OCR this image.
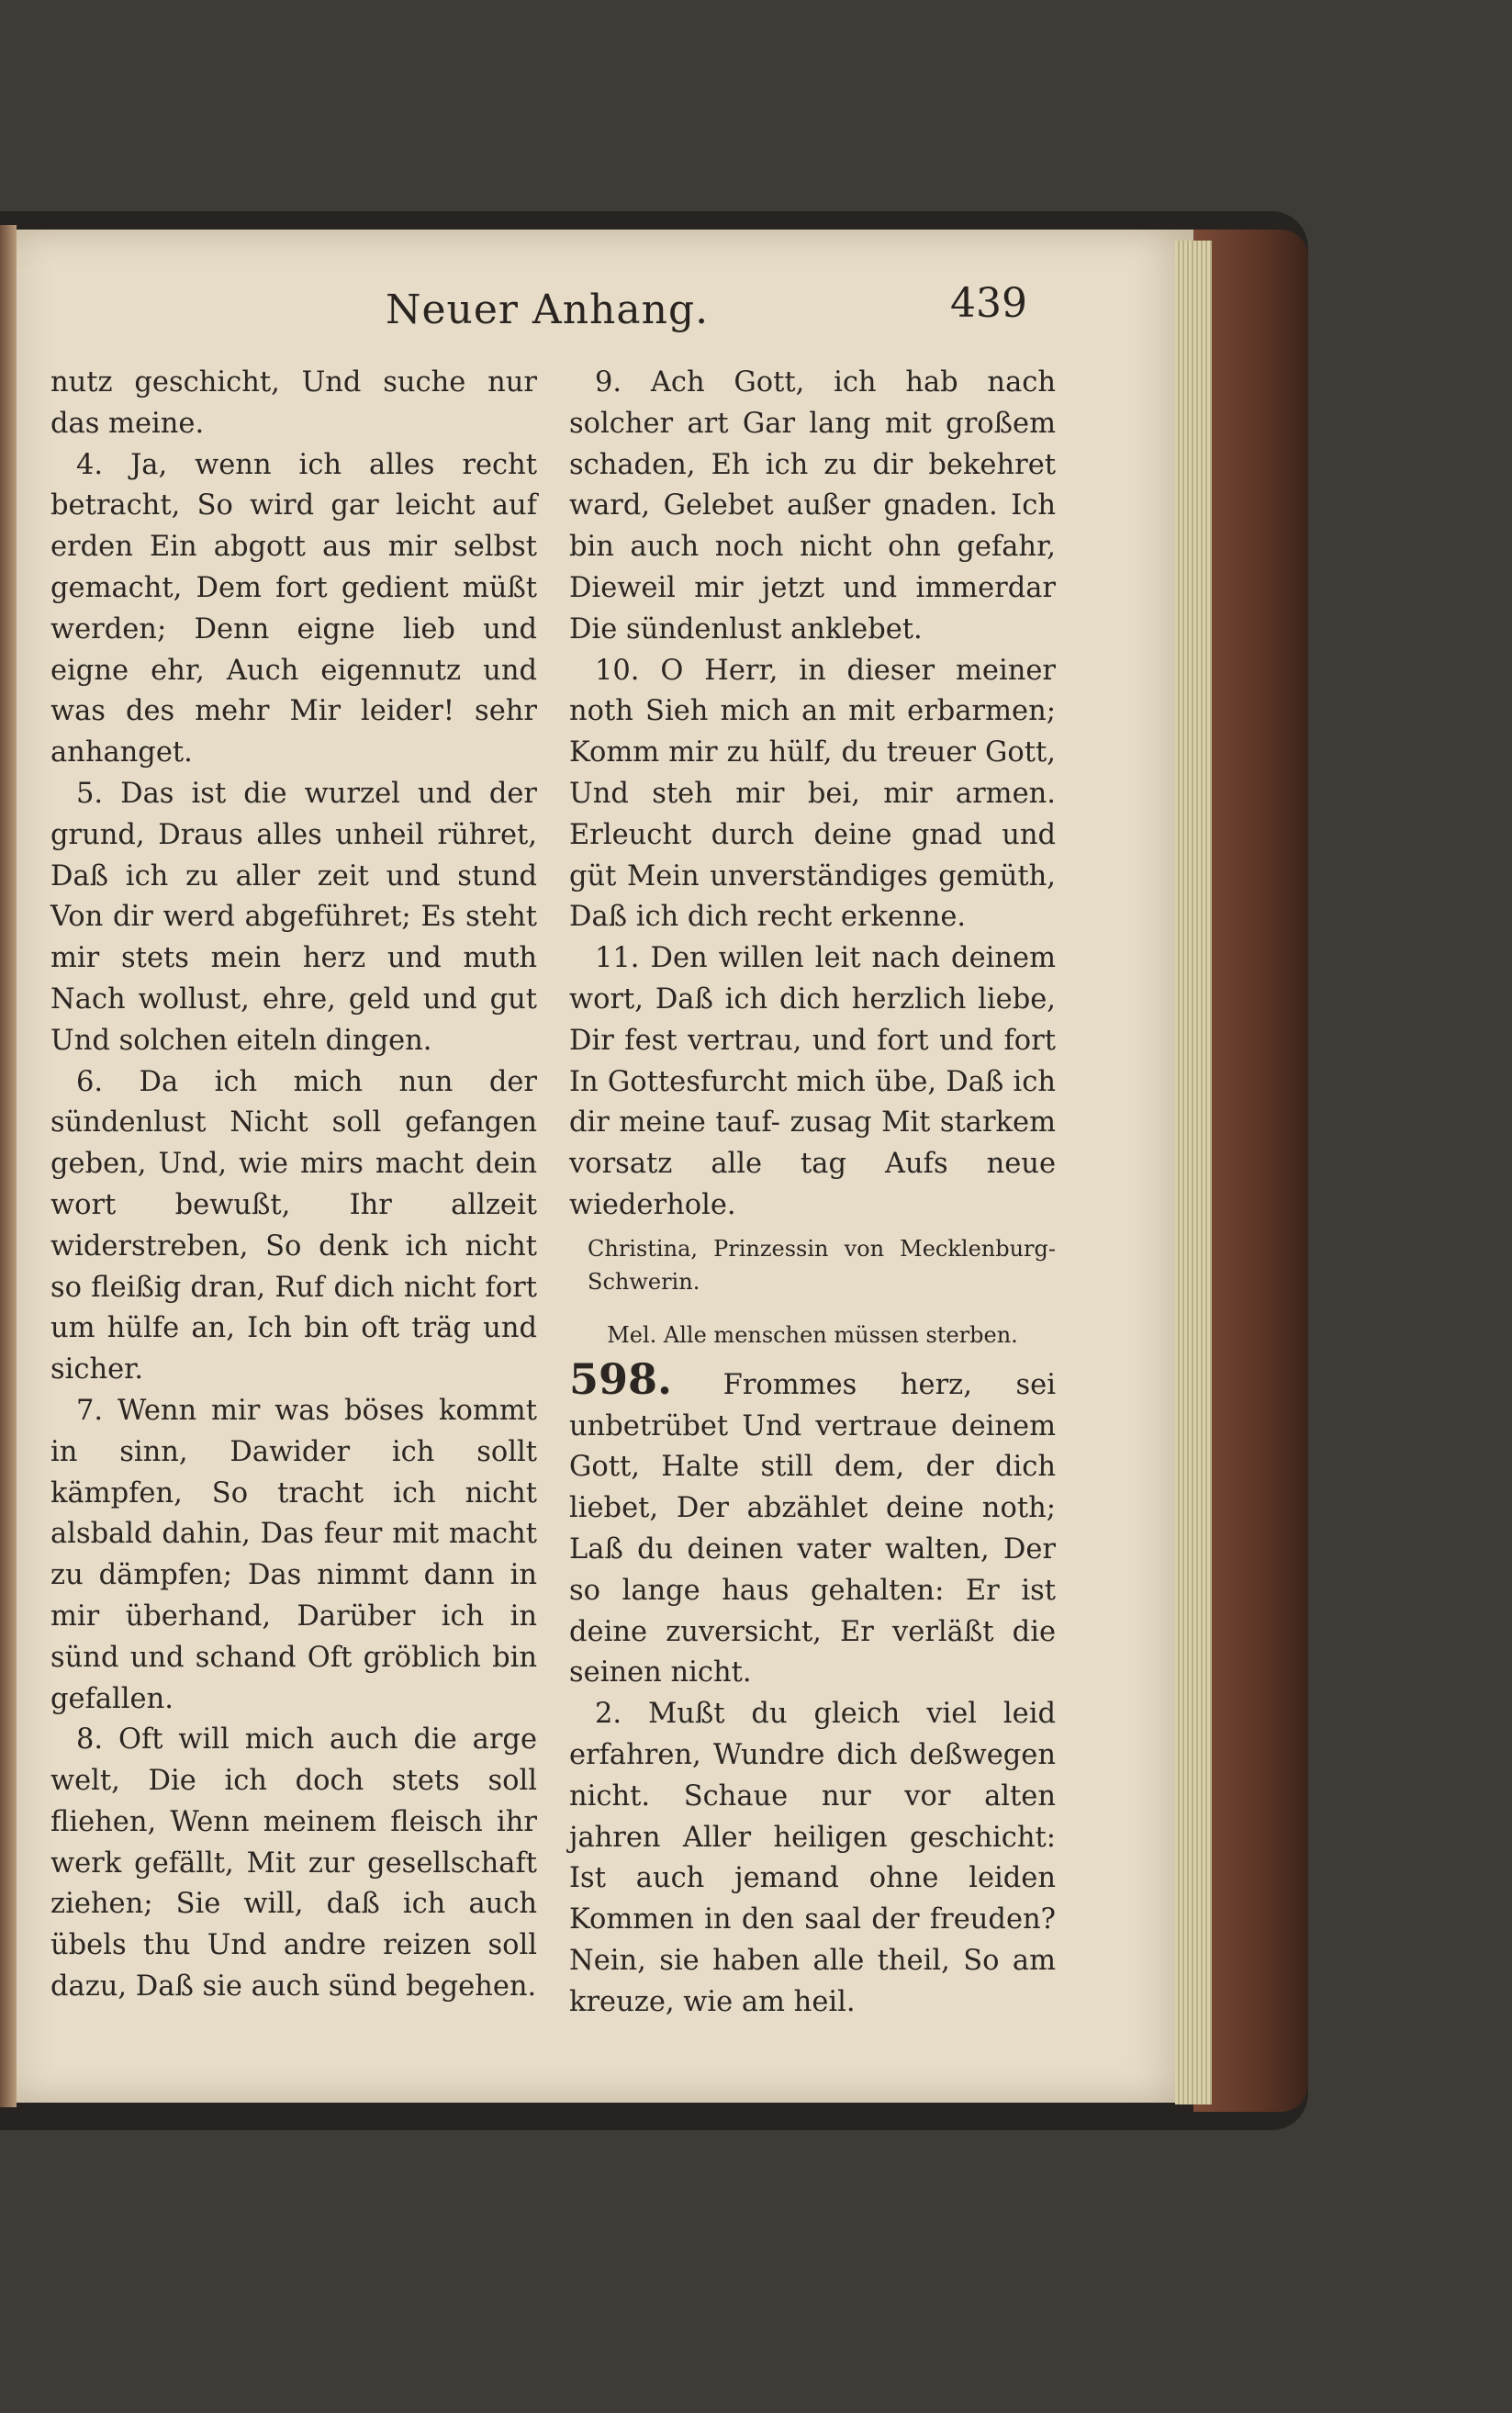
Neuer Anhang.	439

nutz geschicht, Und suche nur das meine.

4. Ja, wenn ich alles recht betracht, So wird gar leicht auf erden Ein abgott aus mir selbst gemacht, Dem fort gedient müßt werden; Denn eigne lieb und eigne ehr, Auch eigennutz und was des mehr Mir leider! sehr anhanget.

5. Das ist die wurzel und der grund, Draus alles unheil rühret, Daß ich zu aller zeit und stund Von dir werd abgeführet; Es steht mir stets mein herz und muth Nach wollust, ehre, geld und gut Und solchen eiteln dingen.

6. Da ich mich nun der sündenlust Nicht soll gefangen geben, Und, wie mirs macht dein wort bewußt, Ihr allzeit widerstreben, So denk ich nicht so fleißig dran, Ruf dich nicht fort um hülfe an, Ich bin oft träg und sicher.

7. Wenn mir was böses kommt in sinn, Dawider ich sollt kämpfen, So tracht ich nicht alsbald dahin, Das feur mit macht zu dämpfen; Das nimmt dann in mir überhand, Darüber ich in sünd und schand Oft gröblich bin gefallen.

8. Oft will mich auch die arge welt, Die ich doch stets soll fliehen, Wenn meinem fleisch ihr werk gefällt, Mit zur gesellschaft ziehen; Sie will, daß ich auch übels thu Und andre reizen soll dazu, Daß sie auch sünd begehen.

9. Ach Gott, ich hab nach solcher art Gar lang mit großem schaden, Eh ich zu dir bekehret ward, Gelebet außer gnaden. Ich bin auch noch nicht ohn gefahr, Dieweil mir jetzt und immerdar Die sündenlust anklebet.

10. O Herr, in dieser meiner noth Sieh mich an mit erbarmen; Komm mir zu hülf, du treuer Gott, Und steh mir bei, mir armen. Erleucht durch deine gnad und güt Mein unverständiges gemüth, Daß ich dich recht erkenne.

11. Den willen leit nach deinem wort, Daß ich dich herzlich liebe, Dir fest vertrau, und fort und fort In Gottesfurcht mich übe, Daß ich dir meine tauf- zusag Mit starkem vorsatz alle tag Aufs neue wiederhole.

Christina, Prinzessin von Mecklenburg-Schwerin.

Mel. Alle menschen müssen sterben.

598. Frommes herz, sei unbetrübet Und vertraue deinem Gott, Halte still dem, der dich liebet, Der abzählet deine noth; Laß du deinen vater walten, Der so lange haus gehalten: Er ist deine zuversicht, Er verläßt die seinen nicht.

2. Mußt du gleich viel leid erfahren, Wundre dich deßwegen nicht. Schaue nur vor alten jahren Aller heiligen geschicht: Ist auch jemand ohne leiden Kommen in den saal der freuden? Nein, sie haben alle theil, So am kreuze, wie am heil.
